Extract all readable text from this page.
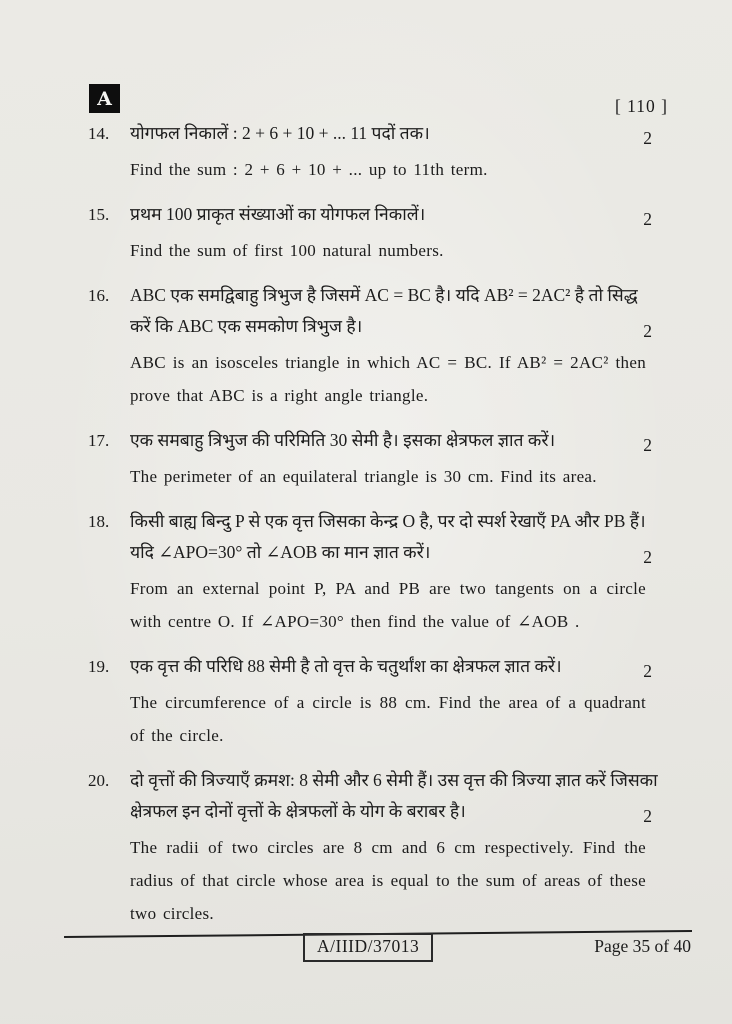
A	[ 110 ]
14.	योगफल निकालें : 2 + 6 + 10 + ... 11 पदों तक।	2

Find the sum : 2 + 6 + 10 + ... up to 11th term.

15.	प्रथम 100 प्राकृत संख्याओं का योगफल निकालें।	2

Find the sum of first 100 natural numbers.

16.	ABC एक समद्विबाहु त्रिभुज है जिसमें AC = BC है। यदि AB² = 2AC² है तो सिद्ध करें कि ABC एक समकोण त्रिभुज है।	2

ABC is an isosceles triangle in which AC = BC. If AB² = 2AC² then prove that ABC is a right angle triangle.

17.	एक समबाहु त्रिभुज की परिमिति 30 सेमी है। इसका क्षेत्रफल ज्ञात करें।	2

The perimeter of an equilateral triangle is 30 cm. Find its area.

18.	किसी बाह्य बिन्दु P से एक वृत्त जिसका केन्द्र O है, पर दो स्पर्श रेखाएँ PA और PB हैं। यदि ∠APO=30° तो ∠AOB का मान ज्ञात करें।	2

From an external point P, PA and PB are two tangents on a circle with centre O. If ∠APO=30° then find the value of ∠AOB .

19.	एक वृत्त की परिधि 88 सेमी है तो वृत्त के चतुर्थांश का क्षेत्रफल ज्ञात करें।	2

The circumference of a circle is 88 cm. Find the area of a quadrant of the circle.

20.	दो वृत्तों की त्रिज्याएँ क्रमश: 8 सेमी और 6 सेमी हैं। उस वृत्त की त्रिज्या ज्ञात करें जिसका क्षेत्रफल इन दोनों वृत्तों के क्षेत्रफलों के योग के बराबर है।	2

The radii of two circles are 8 cm and 6 cm respectively. Find the radius of that circle whose area is equal to the sum of areas of these two circles.

A/IIID/37013	Page 35 of 40
